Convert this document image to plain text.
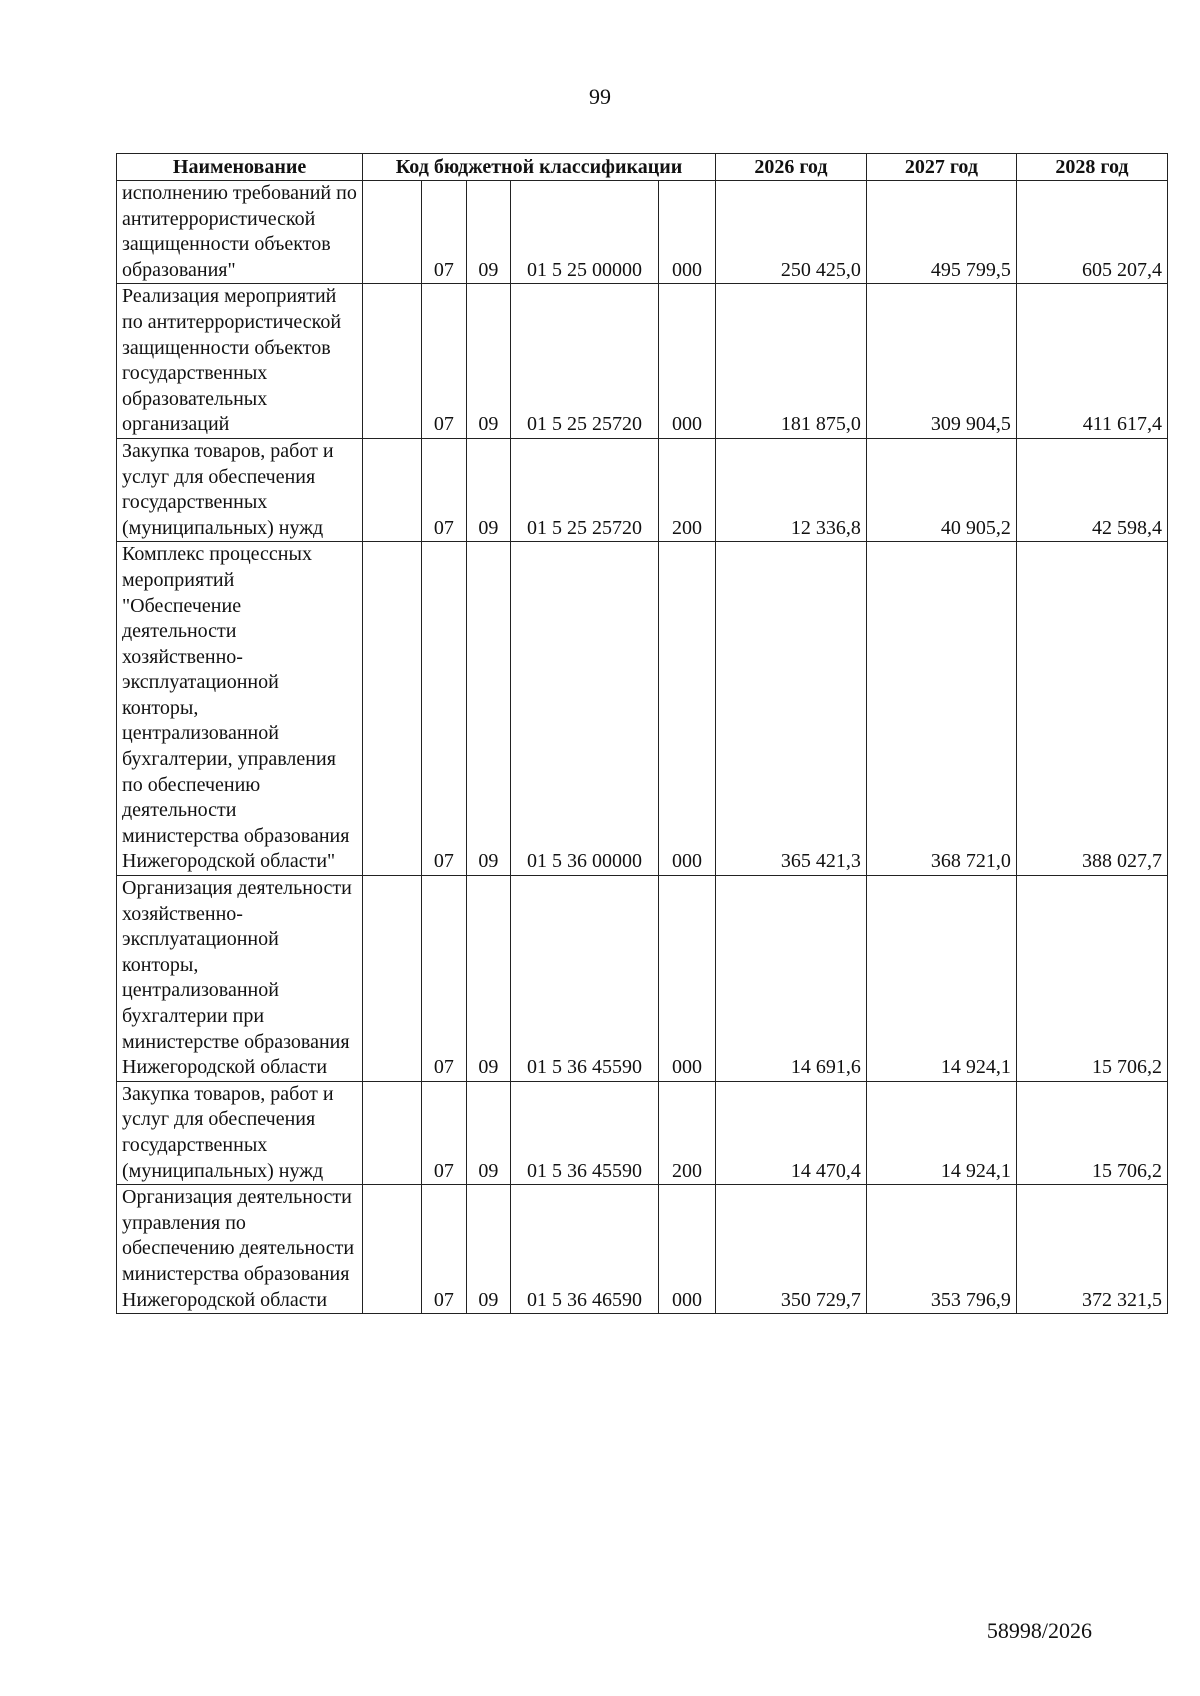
99
Наименование	Код бюджетной классификации					2026 год	2027 год	2028 год
исполнению требований по антитеррористической защищенности объектов образования"		07	09	01 5 25 00000	000	250 425,0	495 799,5	605 207,4
Реализация мероприятий по антитеррористической защищенности объектов государственных образовательных организаций		07	09	01 5 25 25720	000	181 875,0	309 904,5	411 617,4
Закупка товаров, работ и услуг для обеспечения государственных (муниципальных) нужд		07	09	01 5 25 25720	200	12 336,8	40 905,2	42 598,4
Комплекс процессных мероприятий "Обеспечение деятельности хозяйственно-эксплуатационной конторы, централизованной бухгалтерии, управления по обеспечению деятельности министерства образования Нижегородской области"		07	09	01 5 36 00000	000	365 421,3	368 721,0	388 027,7
Организация деятельности хозяйственно-эксплуатационной конторы, централизованной бухгалтерии при министерстве образования Нижегородской области		07	09	01 5 36 45590	000	14 691,6	14 924,1	15 706,2
Закупка товаров, работ и услуг для обеспечения государственных (муниципальных) нужд		07	09	01 5 36 45590	200	14 470,4	14 924,1	15 706,2
Организация деятельности управления по обеспечению деятельности министерства образования Нижегородской области		07	09	01 5 36 46590	000	350 729,7	353 796,9	372 321,5
58998/2026
